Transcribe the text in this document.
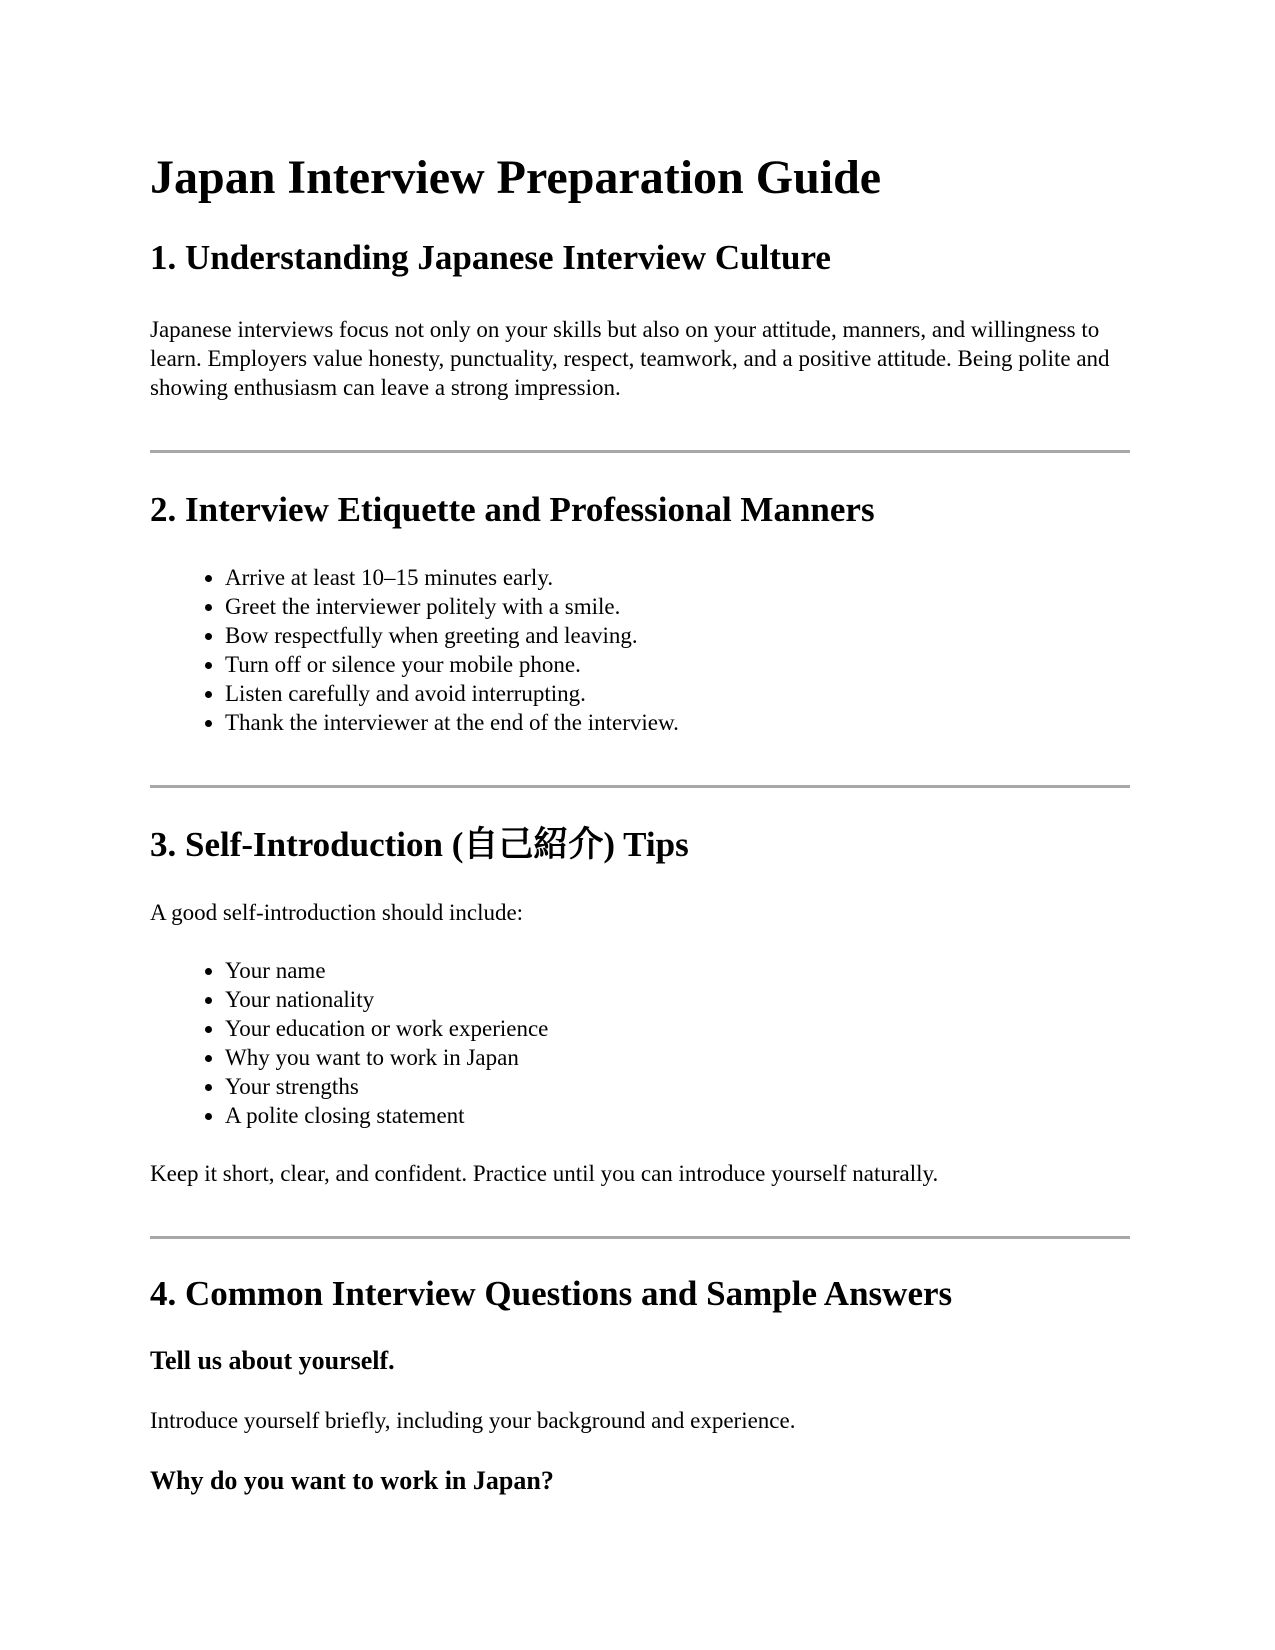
Japan Interview Preparation Guide
1. Understanding Japanese Interview Culture

Japanese interviews focus not only on your skills but also on your attitude, manners, and willingness to learn. Employers value honesty, punctuality, respect, teamwork, and a positive attitude. Being polite and showing enthusiasm can leave a strong impression.

2. Interview Etiquette and Professional Manners
• Arrive at least 10–15 minutes early.
• Greet the interviewer politely with a smile.
• Bow respectfully when greeting and leaving.
• Turn off or silence your mobile phone.
• Listen carefully and avoid interrupting.
• Thank the interviewer at the end of the interview.
3. Self-Introduction (自己紹介) Tips

A good self-introduction should include:

• Your name
• Your nationality
• Your education or work experience
• Why you want to work in Japan
• Your strengths
• A polite closing statement

Keep it short, clear, and confident. Practice until you can introduce yourself naturally.

4. Common Interview Questions and Sample Answers
Tell us about yourself.

Introduce yourself briefly, including your background and experience.

Why do you want to work in Japan?
